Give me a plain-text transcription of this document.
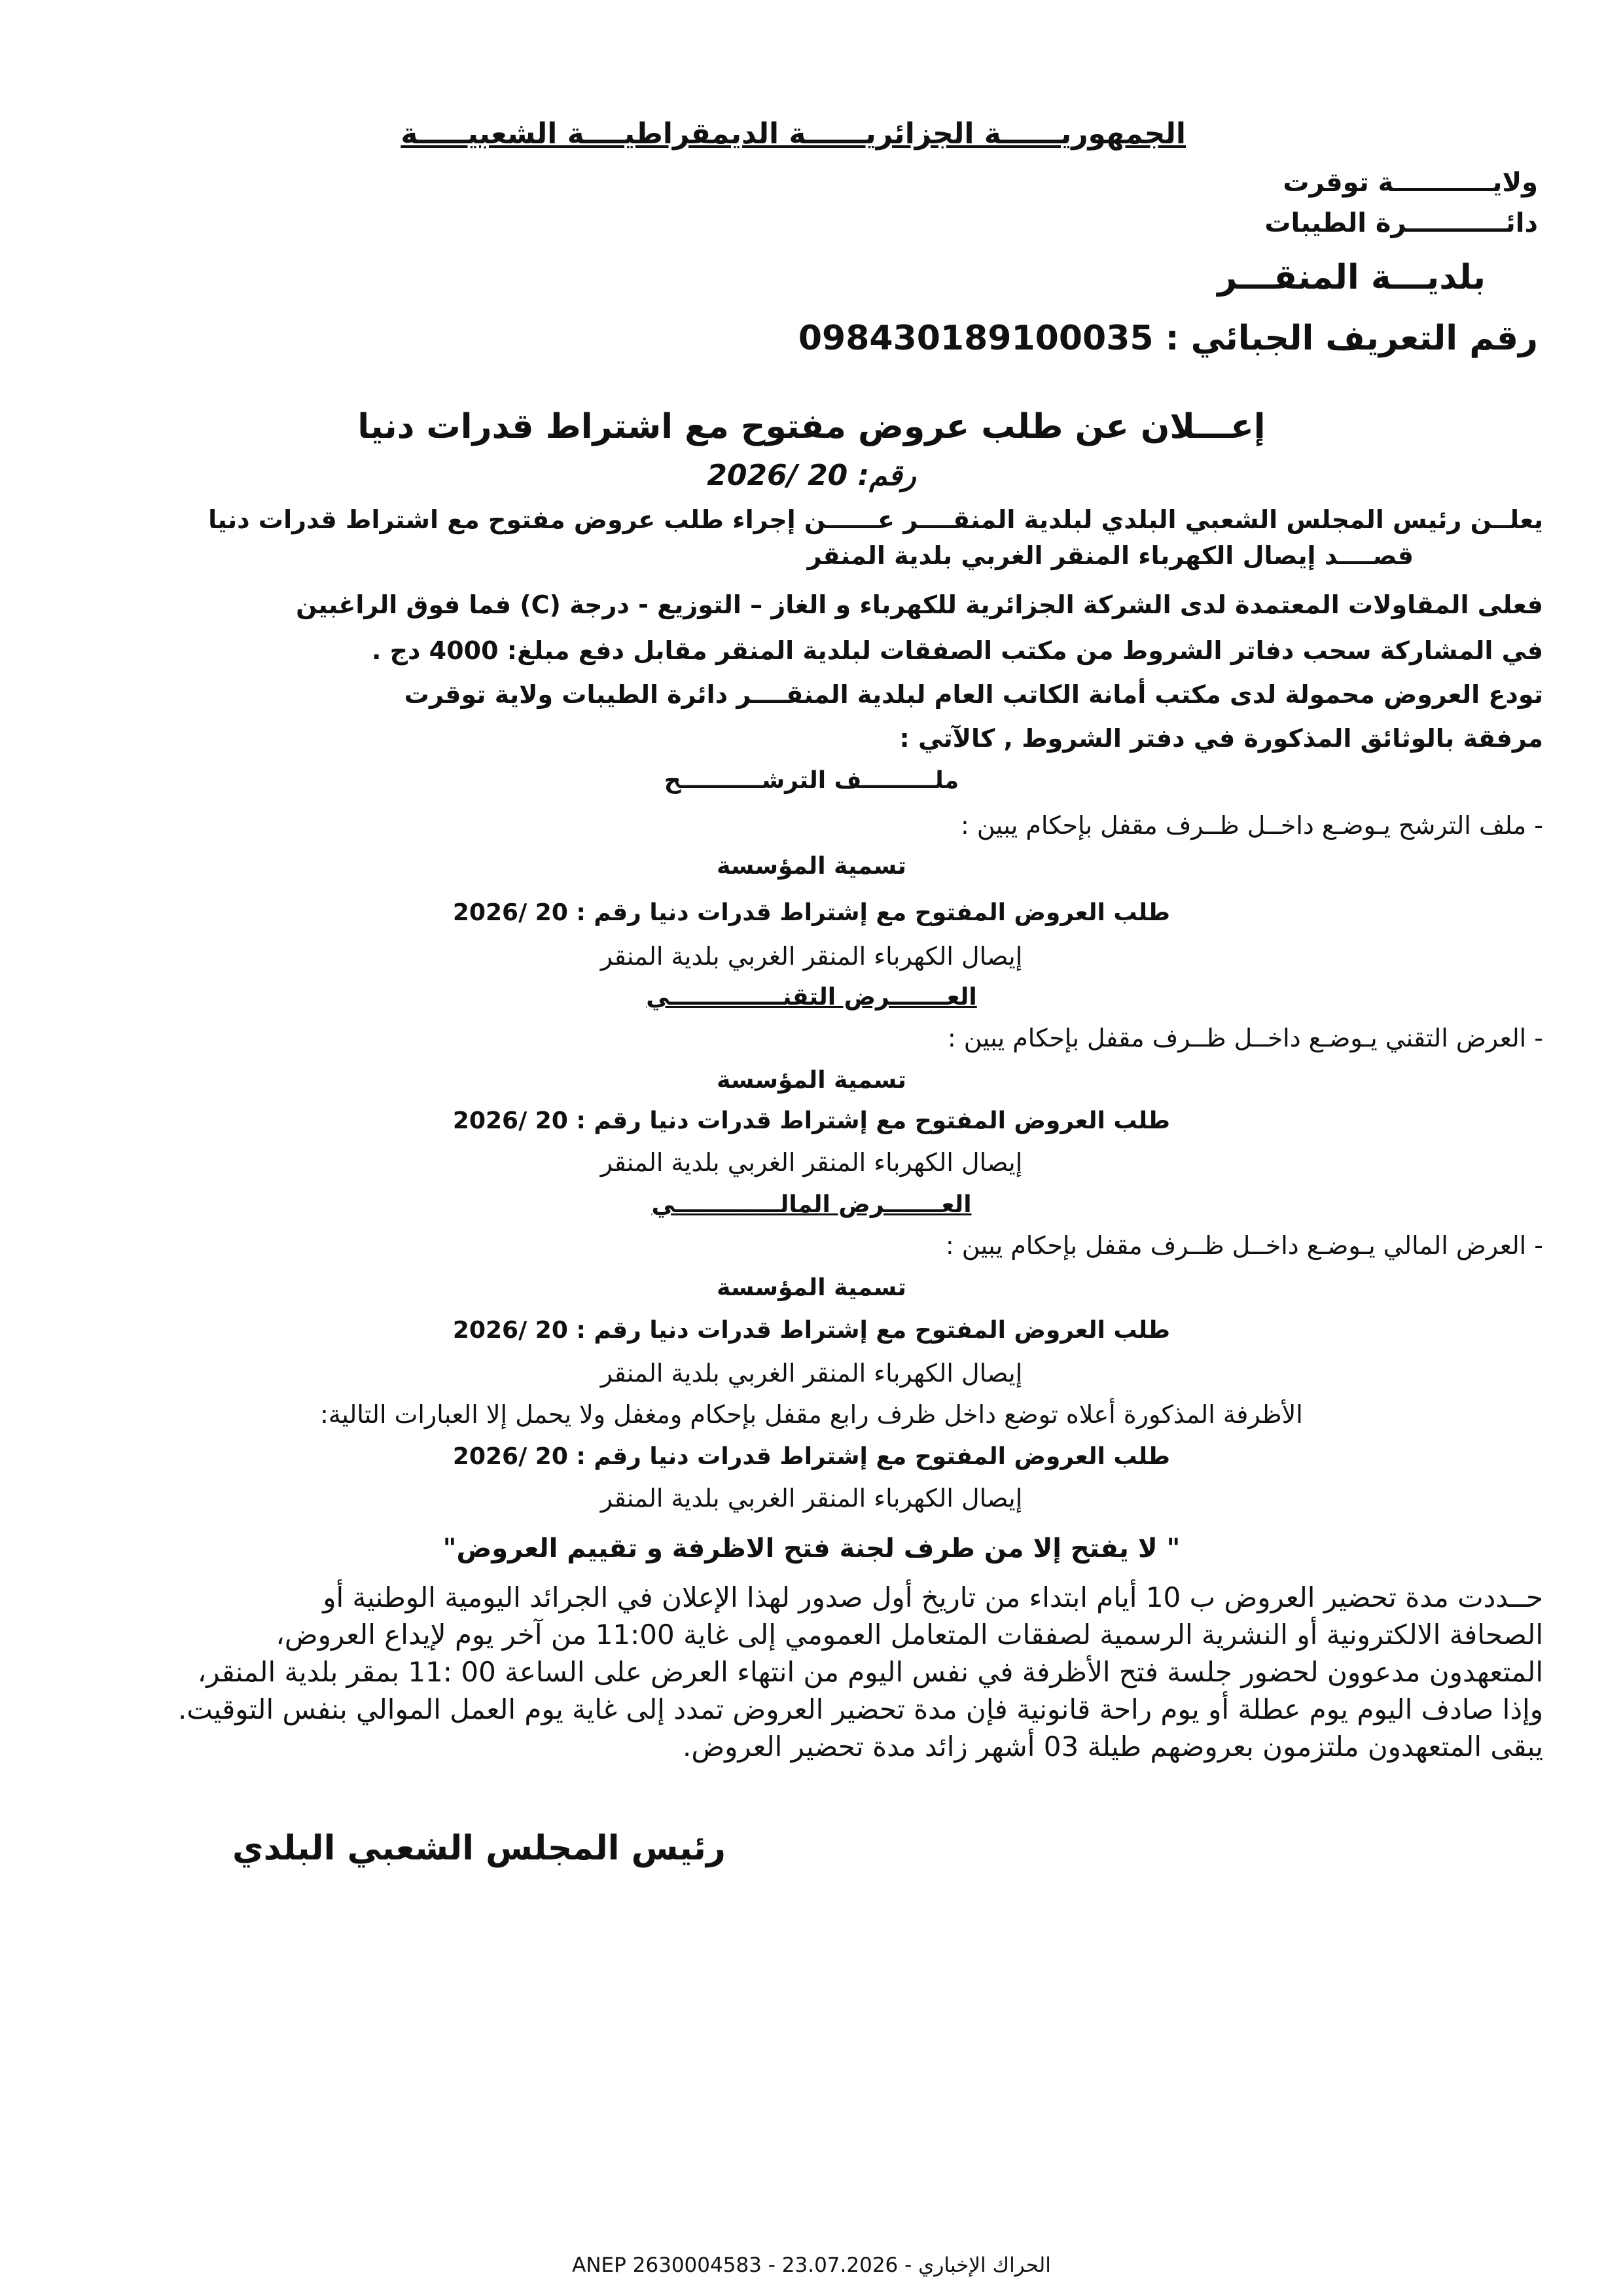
الجمهوريــــــة الجزائريــــــة الديمقراطيــــة الشعبيـــــة
ولايـــــــــــة توقرت
دائـــــــــــرة الطيبات
بلديـــة المنقـــر
رقم التعريف الجبائي : 098430189100035
إعـــلان عن طلب عروض مفتوح مع اشتراط قدرات دنيا
رقم: 20 /2026
يعلــن رئيس المجلس الشعبي البلدي لبلدية المنقــــر عــــــن إجراء طلب عروض مفتوح مع اشتراط قدرات دنيا
قصــــد إيصال الكهرباء المنقر الغربي بلدية المنقر
فعلى المقاولات المعتمدة لدى الشركة الجزائرية للكهرباء و الغاز – التوزيع - درجة (C) فما فوق الراغبين
في المشاركة سحب دفاتر الشروط من مكتب الصفقات لبلدية المنقر مقابل دفع مبلغ: 4000 دج .
تودع العروض محمولة لدى مكتب أمانة الكاتب العام لبلدية المنقــــر دائرة الطيبات ولاية توقرت
مرفقة بالوثائق المذكورة في دفتر الشروط , كالآتي :
ملـــــــــف الترشــــــــــح
- ملف الترشح يـوضـع داخــل ظــرف مقفل بإحكام يبين :
تسمية المؤسسة
طلب العروض المفتوح مع إشتراط قدرات دنيا رقم : 20 /2026
إيصال الكهرباء المنقر الغربي بلدية المنقر
العـــــــرض التقنــــــــــــــي
- العرض التقني يـوضـع داخــل ظــرف مقفل بإحكام يبين :
تسمية المؤسسة
طلب العروض المفتوح مع إشتراط قدرات دنيا رقم : 20 /2026
إيصال الكهرباء المنقر الغربي بلدية المنقر
العـــــــرض المالـــــــــــــي
- العرض المالي يـوضـع داخــل ظــرف مقفل بإحكام يبين :
تسمية المؤسسة
طلب العروض المفتوح مع إشتراط قدرات دنيا رقم : 20 /2026
إيصال الكهرباء المنقر الغربي بلدية المنقر
الأظرفة المذكورة أعلاه توضع داخل ظرف رابع مقفل بإحكام ومغفل ولا يحمل إلا العبارات التالية:
طلب العروض المفتوح مع إشتراط قدرات دنيا رقم : 20 /2026
إيصال الكهرباء المنقر الغربي بلدية المنقر
" لا يفتح إلا من طرف لجنة فتح الاظرفة و تقييم العروض"
حــددت مدة تحضير العروض ب 10 أيام ابتداء من تاريخ أول صدور لهذا الإعلان في الجرائد اليومية الوطنية أو
الصحافة الالكترونية أو النشرية الرسمية لصفقات المتعامل العمومي إلى غاية 11:00 من آخر يوم لإيداع العروض،
المتعهدون مدعوون لحضور جلسة فتح الأظرفة في نفس اليوم من انتهاء العرض على الساعة 00 :11 بمقر بلدية المنقر،
وإذا صادف اليوم يوم عطلة أو يوم راحة قانونية فإن مدة تحضير العروض تمدد إلى غاية يوم العمل الموالي بنفس التوقيت.
يبقى المتعهدون ملتزمون بعروضهم طيلة 03 أشهر زائد مدة تحضير العروض.
رئيس المجلس الشعبي البلدي
ANEP 2630004583 - 23.07.2026 - الحراك الإخباري
